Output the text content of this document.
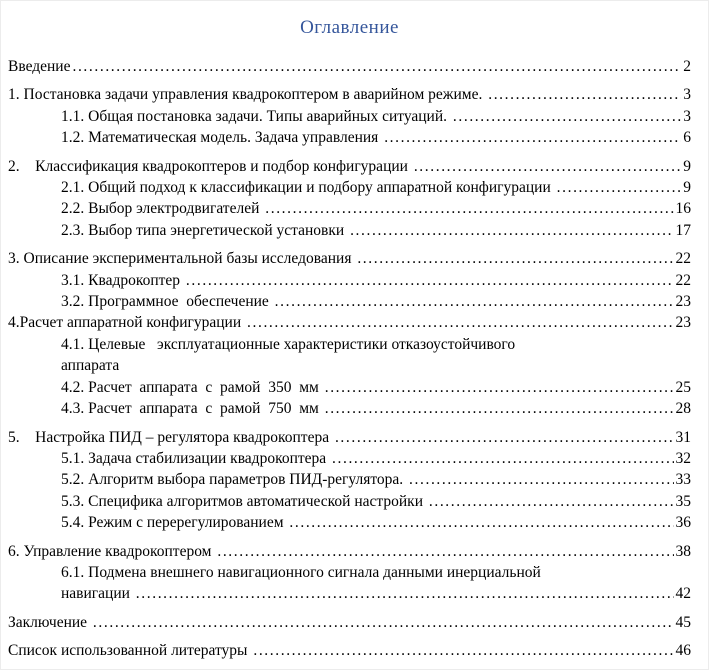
Оглавление
Введение .....	2
1. Постановка задачи управления квадрокоптером в аварийном режиме. .....	3
1.1. Общая постановка задачи. Типы аварийных ситуаций. .....	3
1.2. Математическая модель. Задача управления .....	6
2.    Классификация квадрокоптеров и подбор конфигурации .....	9
2.1. Общий подход к классификации и подбору аппаратной конфигурации .....	9
2.2. Выбор электродвигателей .....	16
2.3. Выбор типа энергетической установки .....	17
3. Описание экспериментальной базы исследования .....	22
3.1. Квадрокоптер .....	22
3.2. Программное  обеспечение .....	23
4.Расчет аппаратной конфигурации .....	23
4.1. Целевые   эксплуатационные характеристики отказоустойчивого
аппарата
4.2. Расчет  аппарата  с  рамой  350  мм .....	25
4.3. Расчет  аппарата  с  рамой  750  мм .....	28
5.    Настройка ПИД – регулятора квадрокоптера .....	31
5.1. Задача стабилизации квадрокоптера .....	32
5.2. Алгоритм выбора параметров ПИД-регулятора. .....	33
5.3. Специфика алгоритмов автоматической настройки .....	35
5.4. Режим с перерегулированием .....	36
6. Управление квадрокоптером .....	38
6.1. Подмена внешнего навигационного сигнала данными инерциальной
навигации .....	42
Заключение .....	45
Список использованной литературы .....	46
